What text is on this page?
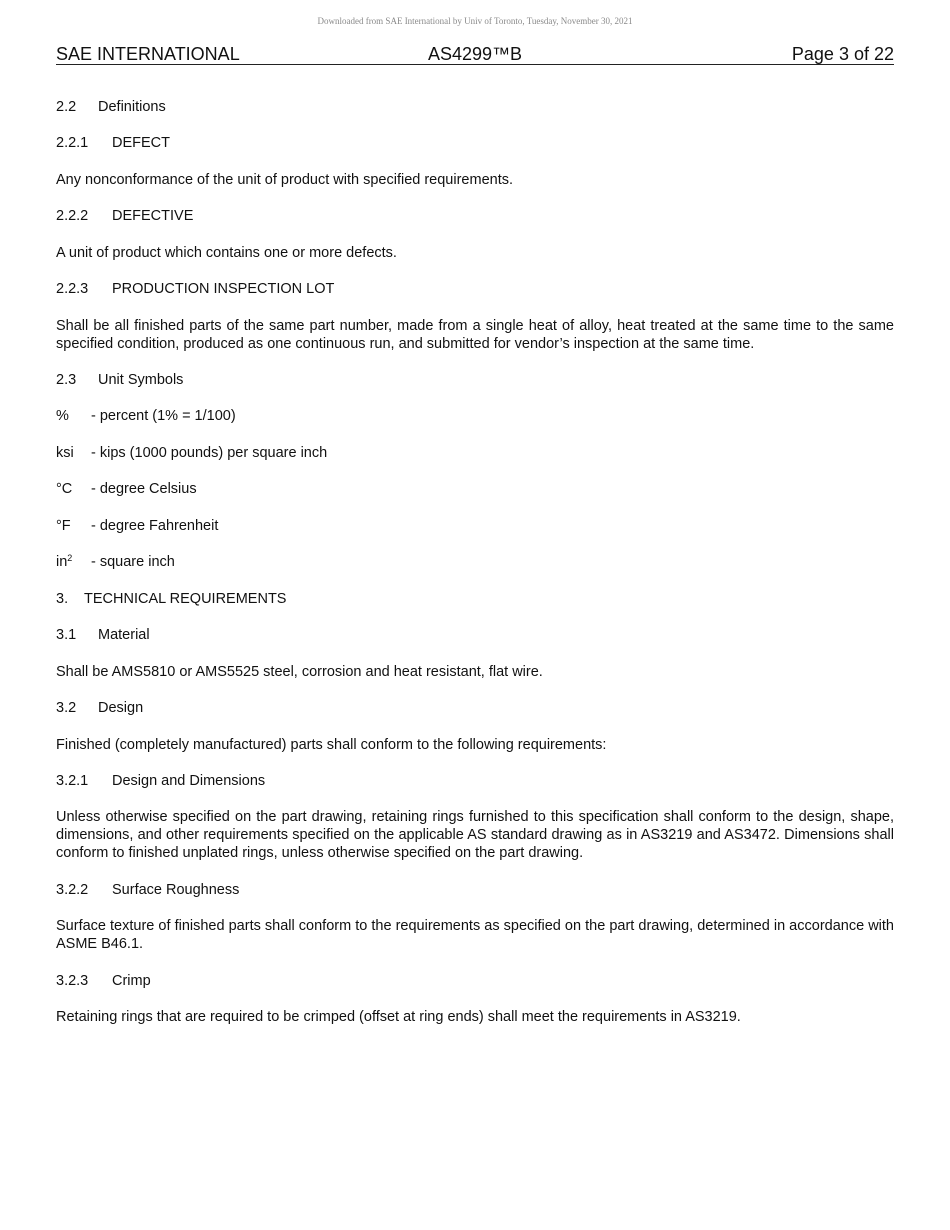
Downloaded from SAE International by Univ of Toronto, Tuesday, November 30, 2021
SAE INTERNATIONAL	AS4299™B	Page 3 of 22
2.2 Definitions
2.2.1 DEFECT
Any nonconformance of the unit of product with specified requirements.
2.2.2 DEFECTIVE
A unit of product which contains one or more defects.
2.2.3 PRODUCTION INSPECTION LOT
Shall be all finished parts of the same part number, made from a single heat of alloy, heat treated at the same time to the same specified condition, produced as one continuous run, and submitted for vendor’s inspection at the same time.
2.3 Unit Symbols
% - percent (1% = 1/100)
ksi - kips (1000 pounds) per square inch
°C - degree Celsius
°F - degree Fahrenheit
$in^2$ - square inch
3. TECHNICAL REQUIREMENTS
3.1 Material
Shall be AMS5810 or AMS5525 steel, corrosion and heat resistant, flat wire.
3.2 Design
Finished (completely manufactured) parts shall conform to the following requirements:
3.2.1 Design and Dimensions
Unless otherwise specified on the part drawing, retaining rings furnished to this specification shall conform to the design, shape, dimensions, and other requirements specified on the applicable AS standard drawing as in AS3219 and AS3472. Dimensions shall conform to finished unplated rings, unless otherwise specified on the part drawing.
3.2.2 Surface Roughness
Surface texture of finished parts shall conform to the requirements as specified on the part drawing, determined in accordance with ASME B46.1.
3.2.3 Crimp
Retaining rings that are required to be crimped (offset at ring ends) shall meet the requirements in AS3219.
